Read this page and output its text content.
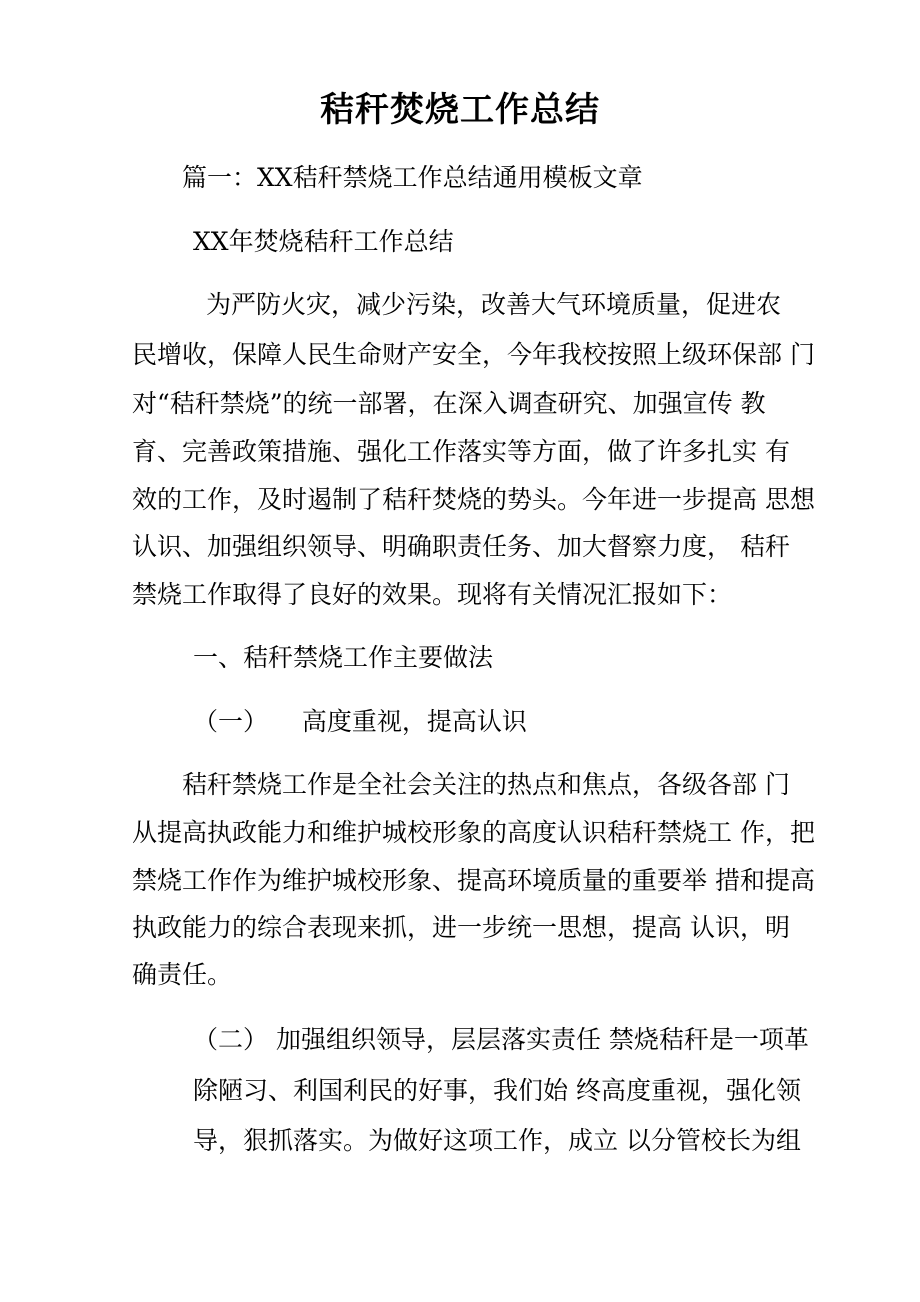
秸秆焚烧工作总结
篇一：XX秸秆禁烧工作总结通用模板文章
XX年焚烧秸秆工作总结
为严防火灾，减少污染，改善大气环境质量，促进农
民增收，保障人民生命财产安全，今年我校按照上级环保部 门
对“秸秆禁烧”的统一部署，在深入调查研究、加强宣传 教
育、完善政策措施、强化工作落实等方面，做了许多扎实 有
效的工作，及时遏制了秸秆焚烧的势头。今年进一步提高 思想
认识、加强组织领导、明确职责任务、加大督察力度， 秸秆
禁烧工作取得了良好的效果。现将有关情况汇报如下：
一、秸秆禁烧工作主要做法
（一） 高度重视，提高认识
秸秆禁烧工作是全社会关注的热点和焦点，各级各部 门
从提高执政能力和维护城校形象的高度认识秸秆禁烧工 作，把
禁烧工作作为维护城校形象、提高环境质量的重要举 措和提高
执政能力的综合表现来抓，进一步统一思想，提高 认识，明
确责任。
（二） 加强组织领导，层层落实责任 禁烧秸秆是一项革
除陋习、利国利民的好事，我们始 终高度重视，强化领
导，狠抓落实。为做好这项工作，成立 以分管校长为组
